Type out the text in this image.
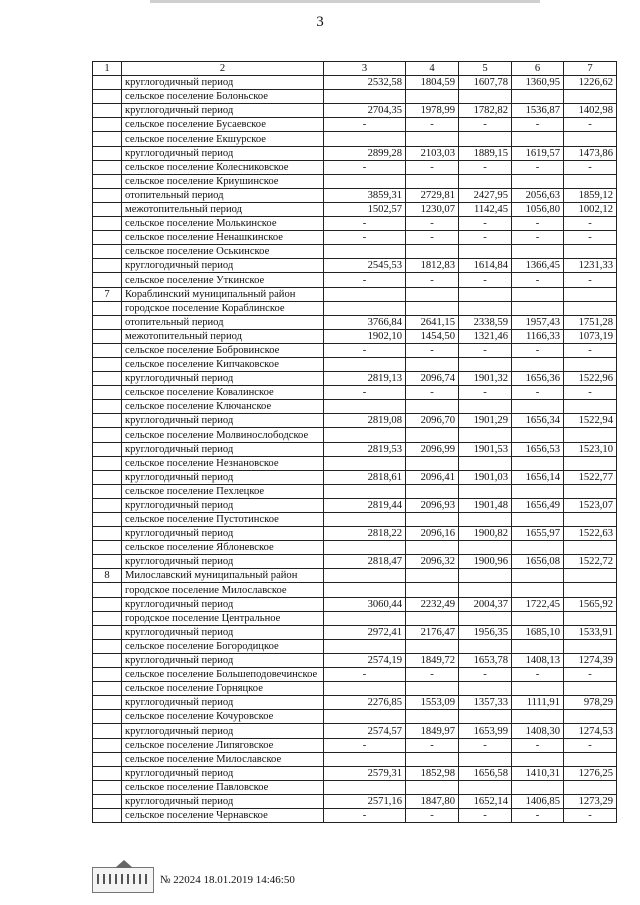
3
1	2	3	4	5	6	7
	круглогодичный период	2532,58	1804,59	1607,78	1360,95	1226,62
	сельское поселение Болоньское					
	круглогодичный период	2704,35	1978,99	1782,82	1536,87	1402,98
	сельское поселение Бусаевское	-	-	-	-	-
	сельское поселение Екшурское					
	круглогодичный период	2899,28	2103,03	1889,15	1619,57	1473,86
	сельское поселение Колесниковское	-	-	-	-	-
	сельское поселение Криушинское					
	отопительный период	3859,31	2729,81	2427,95	2056,63	1859,12
	межотопительный период	1502,57	1230,07	1142,45	1056,80	1002,12
	сельское поселение Молькинское	-	-	-	-	-
	сельское поселение Ненашкинское	-	-	-	-	-
	сельское поселение Оськинское					
	круглогодичный период	2545,53	1812,83	1614,84	1366,45	1231,33
	сельское поселение Уткинское	-	-	-	-	-
7	Кораблинский муниципальный район					
	городское поселение Кораблинское					
	отопительный период	3766,84	2641,15	2338,59	1957,43	1751,28
	межотопительный период	1902,10	1454,50	1321,46	1166,33	1073,19
	сельское поселение Бобровинское	-	-	-	-	-
	сельское поселение Кипчаковское					
	круглогодичный период	2819,13	2096,74	1901,32	1656,36	1522,96
	сельское поселение Ковалинское	-	-	-	-	-
	сельское поселение Ключанское					
	круглогодичный период	2819,08	2096,70	1901,29	1656,34	1522,94
	сельское поселение Молвинослободское					
	круглогодичный период	2819,53	2096,99	1901,53	1656,53	1523,10
	сельское поселение Незнановское					
	круглогодичный период	2818,61	2096,41	1901,03	1656,14	1522,77
	сельское поселение Пехлецкое					
	круглогодичный период	2819,44	2096,93	1901,48	1656,49	1523,07
	сельское поселение Пустотинское					
	круглогодичный период	2818,22	2096,16	1900,82	1655,97	1522,63
	сельское поселение Яблоневское					
	круглогодичный период	2818,47	2096,32	1900,96	1656,08	1522,72
8	Милославский муниципальный район					
	городское поселение Милославское					
	круглогодичный период	3060,44	2232,49	2004,37	1722,45	1565,92
	городское поселение Центральное					
	круглогодичный период	2972,41	2176,47	1956,35	1685,10	1533,91
	сельское поселение Богородицкое					
	круглогодичный период	2574,19	1849,72	1653,78	1408,13	1274,39
	сельское поселение Большеподовечинское	-	-	-	-	-
	сельское поселение Горняцкое					
	круглогодичный период	2276,85	1553,09	1357,33	1111,91	978,29
	сельское поселение Кочуровское					
	круглогодичный период	2574,57	1849,97	1653,99	1408,30	1274,53
	сельское поселение Липяговское	-	-	-	-	-
	сельское поселение Милославское					
	круглогодичный период	2579,31	1852,98	1656,58	1410,31	1276,25
	сельское поселение Павловское					
	круглогодичный период	2571,16	1847,80	1652,14	1406,85	1273,29
	сельское поселение Чернавское	-	-	-	-	-
№ 22024 18.01.2019 14:46:50
